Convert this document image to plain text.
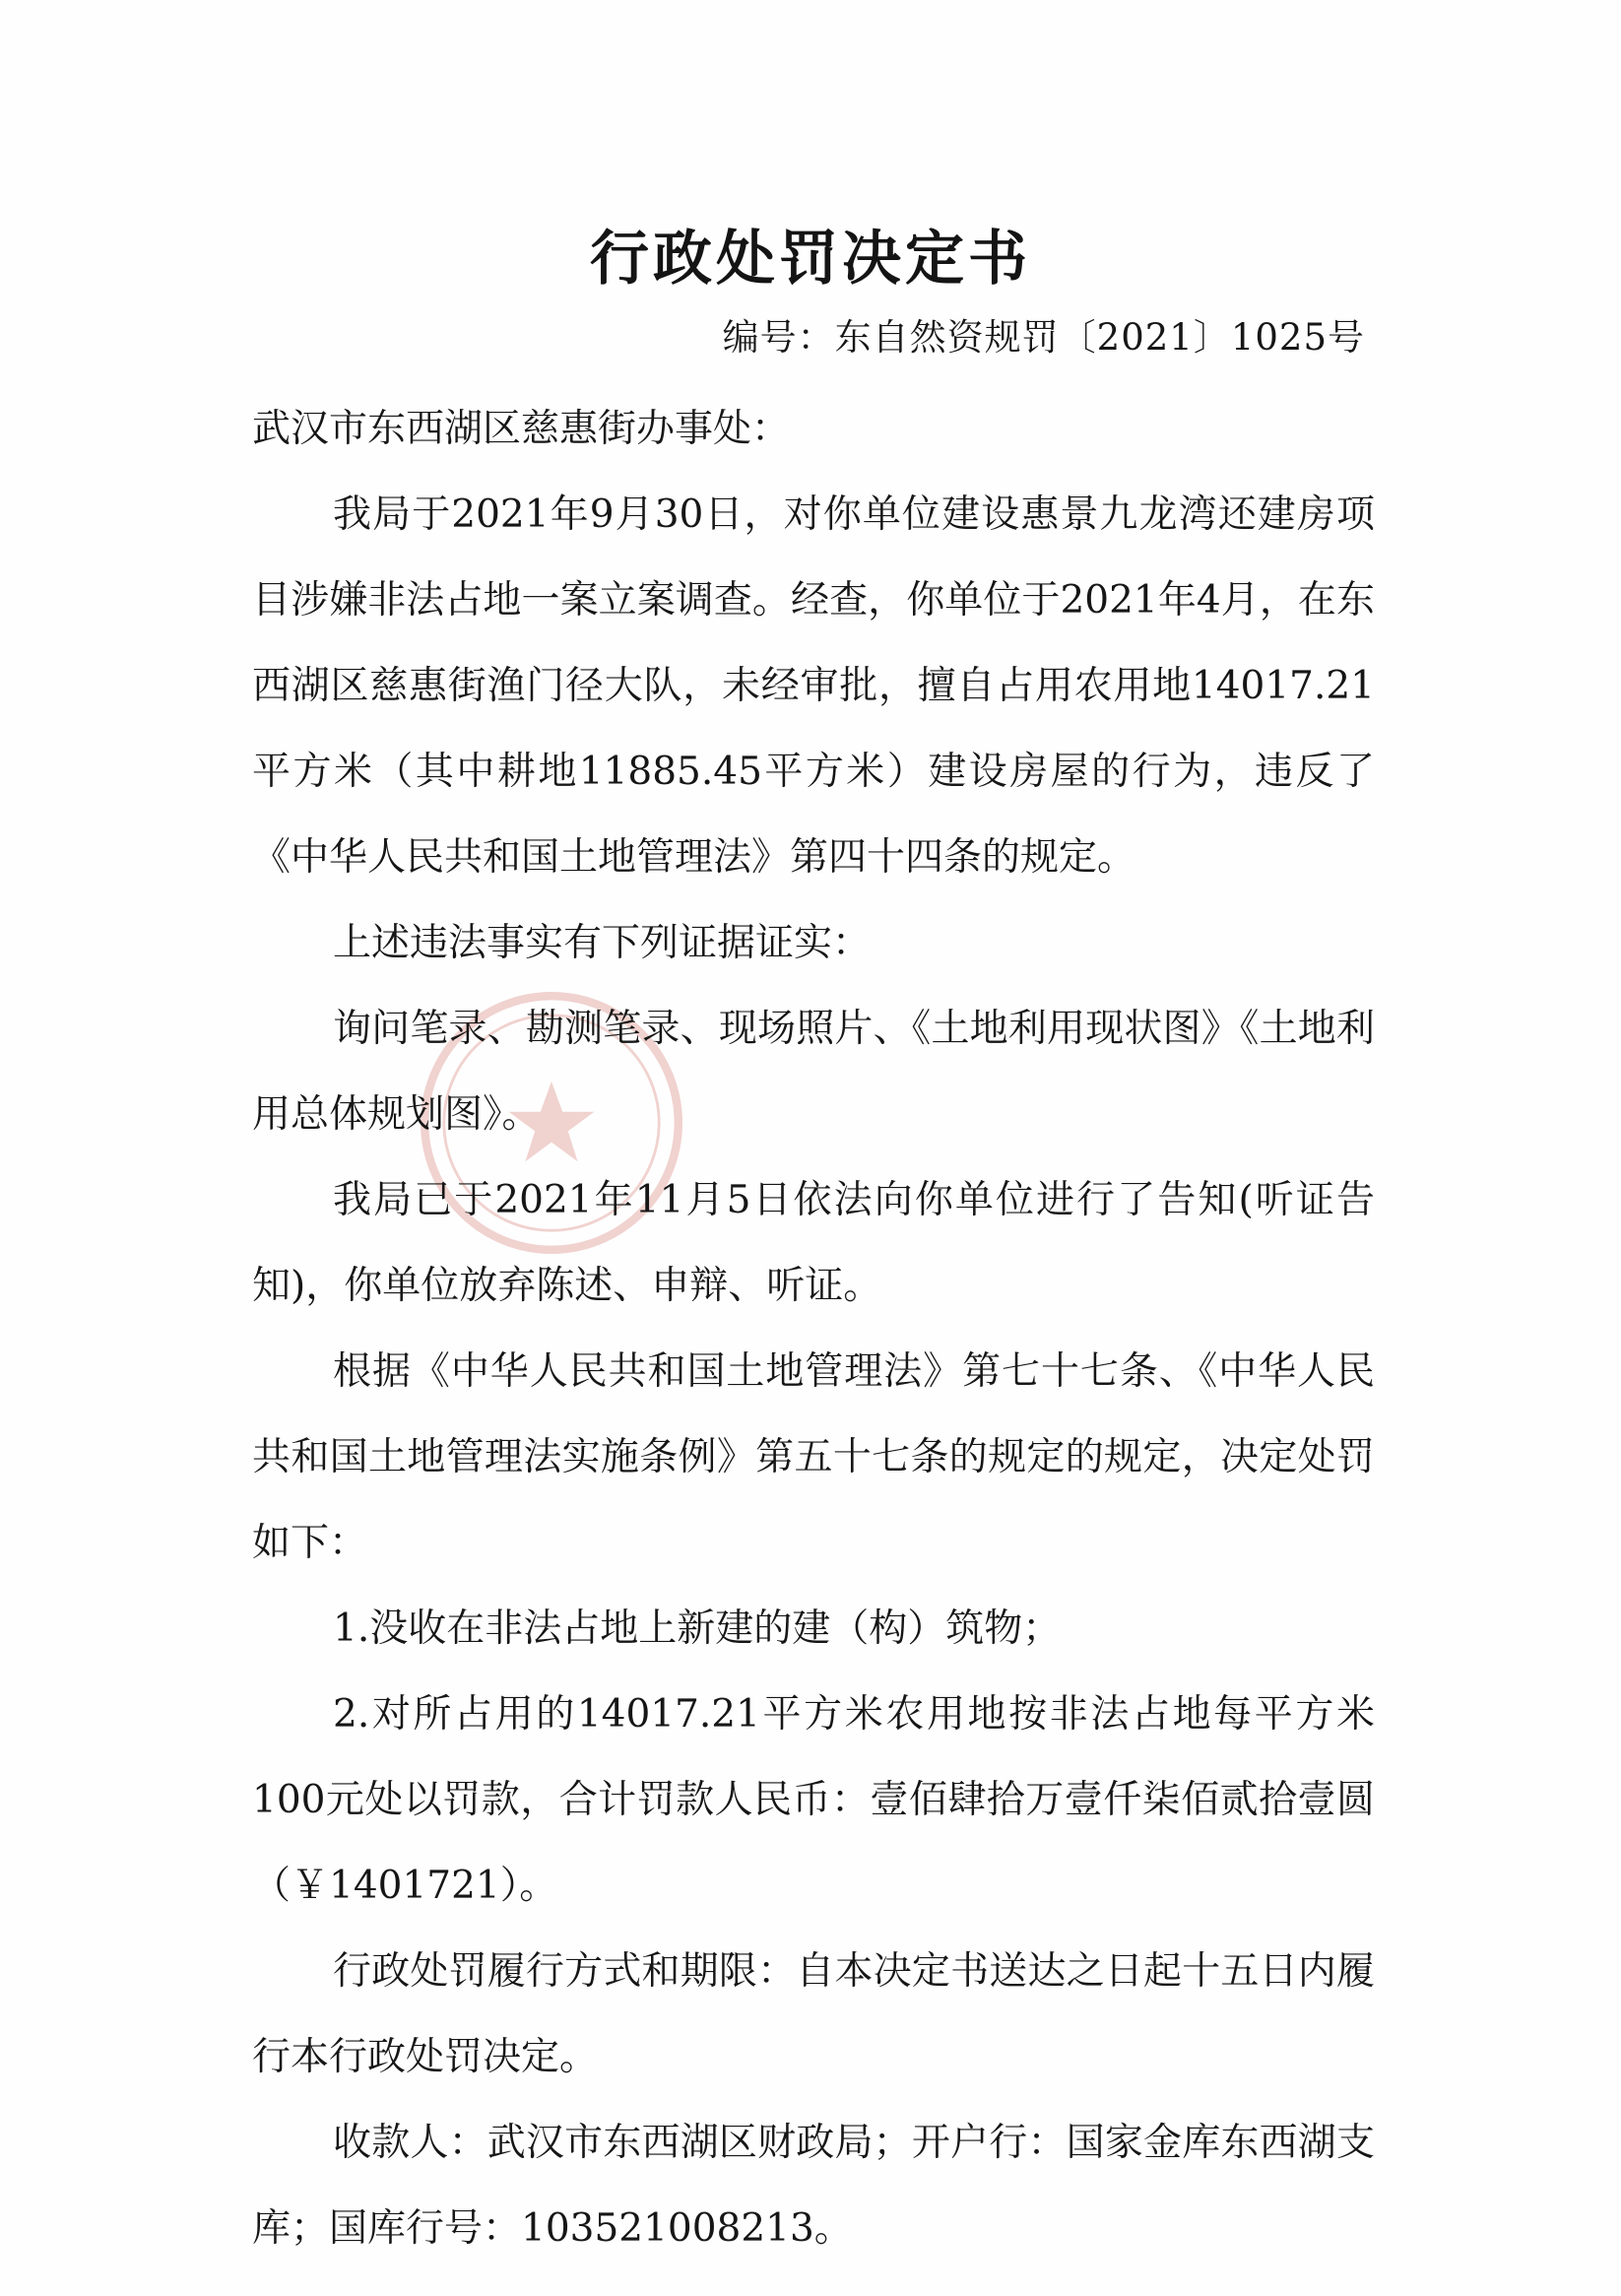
行政处罚决定书
编号：东自然资规罚〔2021〕1025号

武汉市东西湖区慈惠街办事处：

我局于2021年9月30日，对你单位建设惠景九龙湾还建房项目涉嫌非法占地一案立案调查。经查，你单位于2021年4月，在东西湖区慈惠街渔门径大队，未经审批，擅自占用农用地14017.21平方米（其中耕地11885.45平方米）建设房屋的行为，违反了《中华人民共和国土地管理法》第四十四条的规定。

上述违法事实有下列证据证实：

询问笔录、勘测笔录、现场照片、《土地利用现状图》《土地利用总体规划图》。

我局已于2021年11月5日依法向你单位进行了告知(听证告知)，你单位放弃陈述、申辩、听证。

根据《中华人民共和国土地管理法》第七十七条、《中华人民共和国土地管理法实施条例》第五十七条的规定的规定，决定处罚如下：

1.没收在非法占地上新建的建（构）筑物；

2.对所占用的14017.21平方米农用地按非法占地每平方米100元处以罚款，合计罚款人民币：壹佰肆拾万壹仟柒佰贰拾壹圆（￥1401721）。

行政处罚履行方式和期限：自本决定书送达之日起十五日内履行本行政处罚决定。

收款人：武汉市东西湖区财政局；开户行：国家金库东西湖支库；国库行号：103521008213。
